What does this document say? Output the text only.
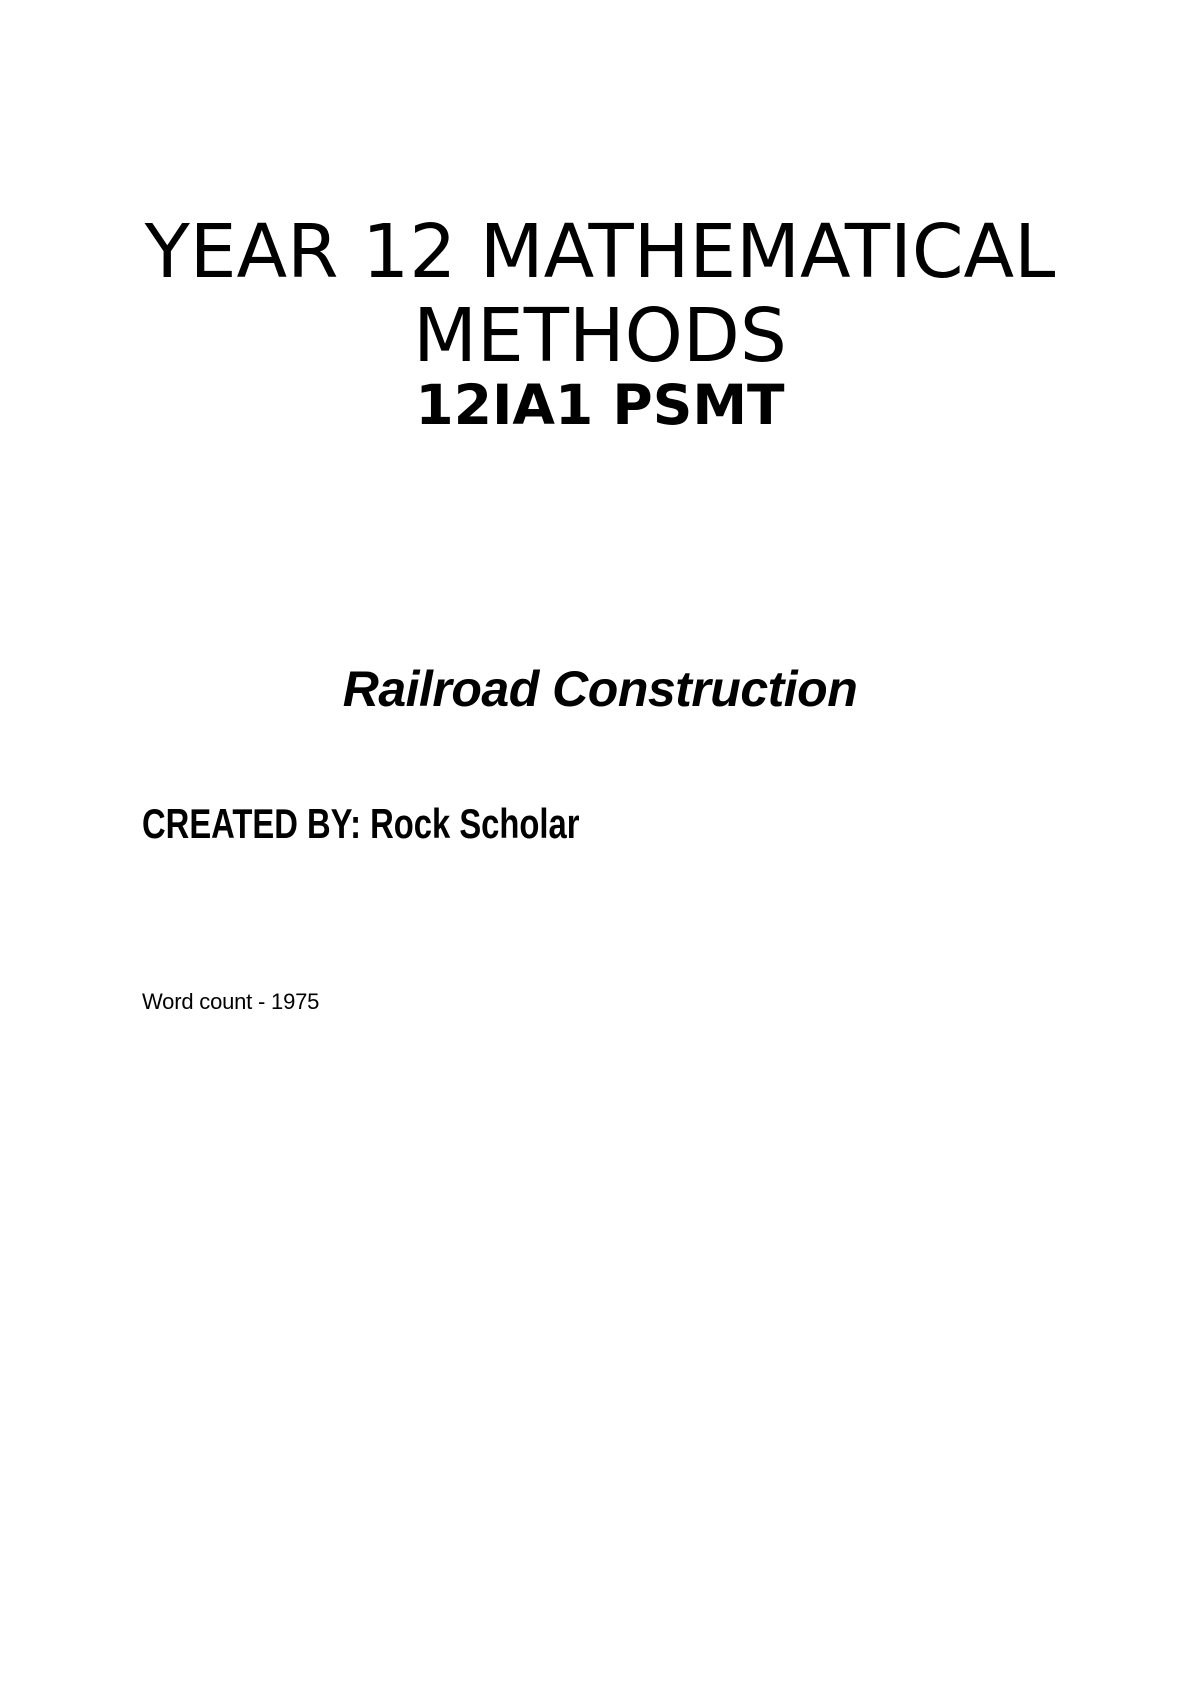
YEAR 12 MATHEMATICAL METHODS
12IA1 PSMT
Railroad Construction

CREATED BY: Rock Scholar

Word count - 1975
